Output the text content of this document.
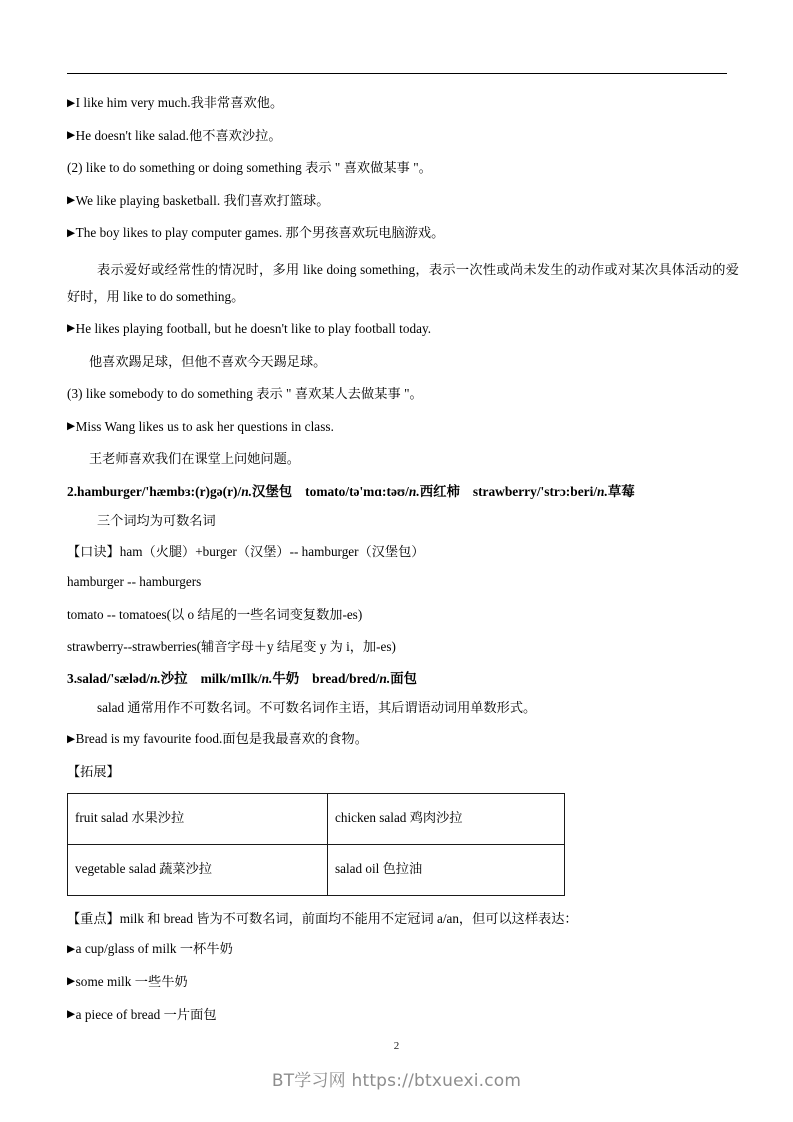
▶I like him very much.我非常喜欢他。

▶He doesn't like salad.他不喜欢沙拉。

(2) like to do something or doing something 表示 " 喜欢做某事 "。

▶We like playing basketball. 我们喜欢打篮球。

▶The boy likes to play computer games. 那个男孩喜欢玩电脑游戏。

表示爱好或经常性的情况时，多用 like doing something，表示一次性或尚未发生的动作或对某次具体活动的爱好时，用 like to do something。

▶He likes playing football, but he doesn't like to play football today.

他喜欢踢足球，但他不喜欢今天踢足球。

(3) like somebody to do something 表示 " 喜欢某人去做某事 "。

▶Miss Wang likes us to ask her questions in class.

王老师喜欢我们在课堂上问她问题。

2.hamburger/'hæmbɜ:(r)gə(r)/n.汉堡包 tomato/tə'mɑ:təʊ/n.西红柿 strawberry/'strɔ:beri/n.草莓

三个词均为可数名词

【口诀】ham（火腿）+burger（汉堡）-- hamburger（汉堡包）

hamburger -- hamburgers

tomato -- tomatoes(以 o 结尾的一些名词变复数加-es)

strawberry--strawberries(辅音字母＋y 结尾变 y 为 i，加-es)

3.salad/'sæləd/n.沙拉 milk/mIlk/n.牛奶 bread/bred/n.面包

salad 通常用作不可数名词。不可数名词作主语，其后谓语动词用单数形式。

▶Bread is my favourite food.面包是我最喜欢的食物。

【拓展】

fruit salad 水果沙拉	chicken salad 鸡肉沙拉
vegetable salad 蔬菜沙拉	salad oil 色拉油

【重点】milk 和 bread 皆为不可数名词，前面均不能用不定冠词 a/an，但可以这样表达：

▶a cup/glass of milk 一杯牛奶

▶some milk 一些牛奶

▶a piece of bread 一片面包

2
BT学习网 https://btxuexi.com
